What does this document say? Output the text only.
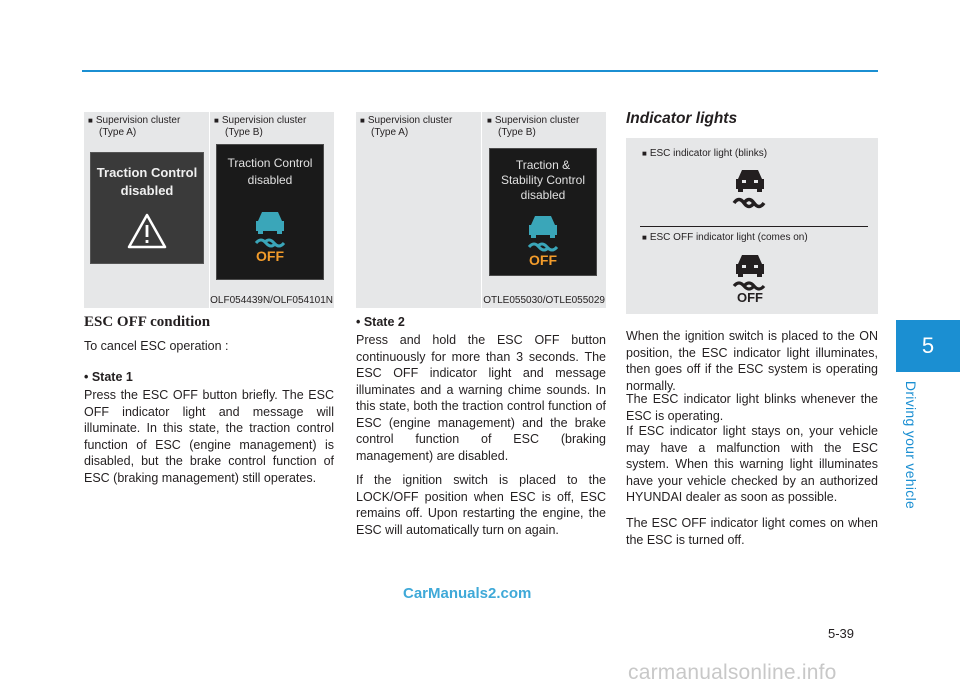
5
Driving your vehicle
■ Supervision cluster
(Type A)
■ Supervision cluster
(Type B)
Traction Control
disabled
Traction Control
disabled
OFF
OLF054439N/OLF054101N
■ Supervision cluster
(Type A)
■ Supervision cluster
(Type B)
Traction &
Stability Control
disabled
OFF
OTLE055030/OTLE055029
ESC OFF condition
To cancel ESC operation :
• State 1
Press the ESC OFF button briefly. The ESC OFF indicator light and message will illuminate. In this state, the traction control function of ESC (engine management) is disabled, but the brake control function of ESC (braking management) still operates.
• State 2
Press and hold the ESC OFF button continuously for more than 3 seconds. The ESC OFF indicator light and message illuminates and a warning chime sounds. In this state, both the traction control function of ESC (engine management) and the brake control function of ESC (braking management) are disabled.
If the ignition switch is placed to the LOCK/OFF position when ESC is off, ESC remains off. Upon restarting the engine, the ESC will automatically turn on again.
Indicator lights
■ ESC indicator light (blinks)
■ ESC OFF indicator light (comes on)
OFF
When the ignition switch is placed to the ON position, the ESC indicator light illuminates, then goes off if the ESC system is operating normally.
The ESC indicator light blinks whenever the ESC is operating.
If ESC indicator light stays on, your vehicle may have a malfunction with the ESC system. When this warning light illuminates have your vehicle checked by an authorized HYUNDAI dealer as soon as possible.
The ESC OFF indicator light comes on when the ESC is turned off.
CarManuals2.com
5-39
carmanualsonline.info
